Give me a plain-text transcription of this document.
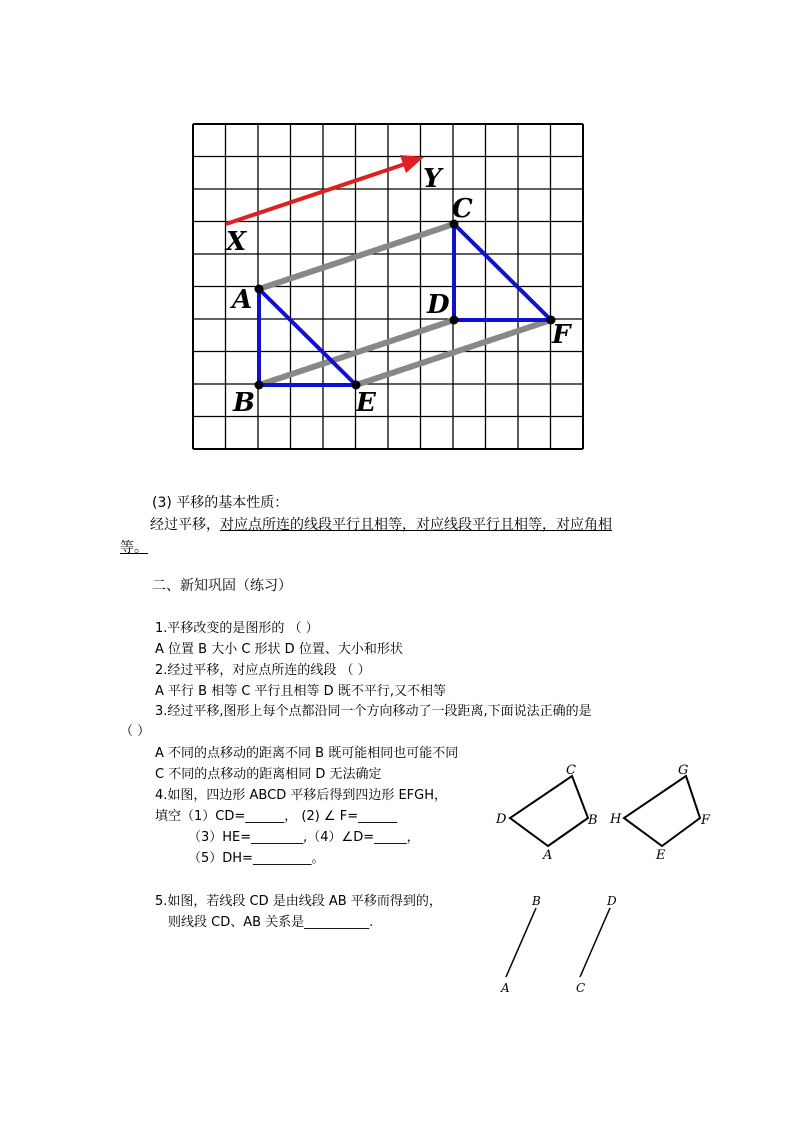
X
Y
C
A	D
F
B	E
(3) 平移的基本性质：
经过平移，对应点所连的线段平行且相等，对应线段平行且相等，对应角相
等。
二、新知巩固（练习）
1.平移改变的是图形的 （ ）
A 位置 B 大小 C 形状 D 位置、大小和形状
2.经过平移，对应点所连的线段 （ ）
A 平行 B 相等 C 平行且相等 D 既不平行,又不相等
3.经过平移,图形上每个点都沿同一个方向移动了一段距离,下面说法正确的是
（ ）
A 不同的点移动的距离不同 B 既可能相同也可能不同
C 不同的点移动的距离相同 D 无法确定
4.如图，四边形 ABCD 平移后得到四边形 EFGH，
填空（1）CD=______， (2) ∠ F=______
（3）HE=________,（4）∠D=_____，
（5）DH=_________。
C
D	B
A
G
H	F
E
5.如图，若线段 CD 是由线段 AB 平移而得到的，
则线段 CD、AB 关系是__________.
B	D
A	C
